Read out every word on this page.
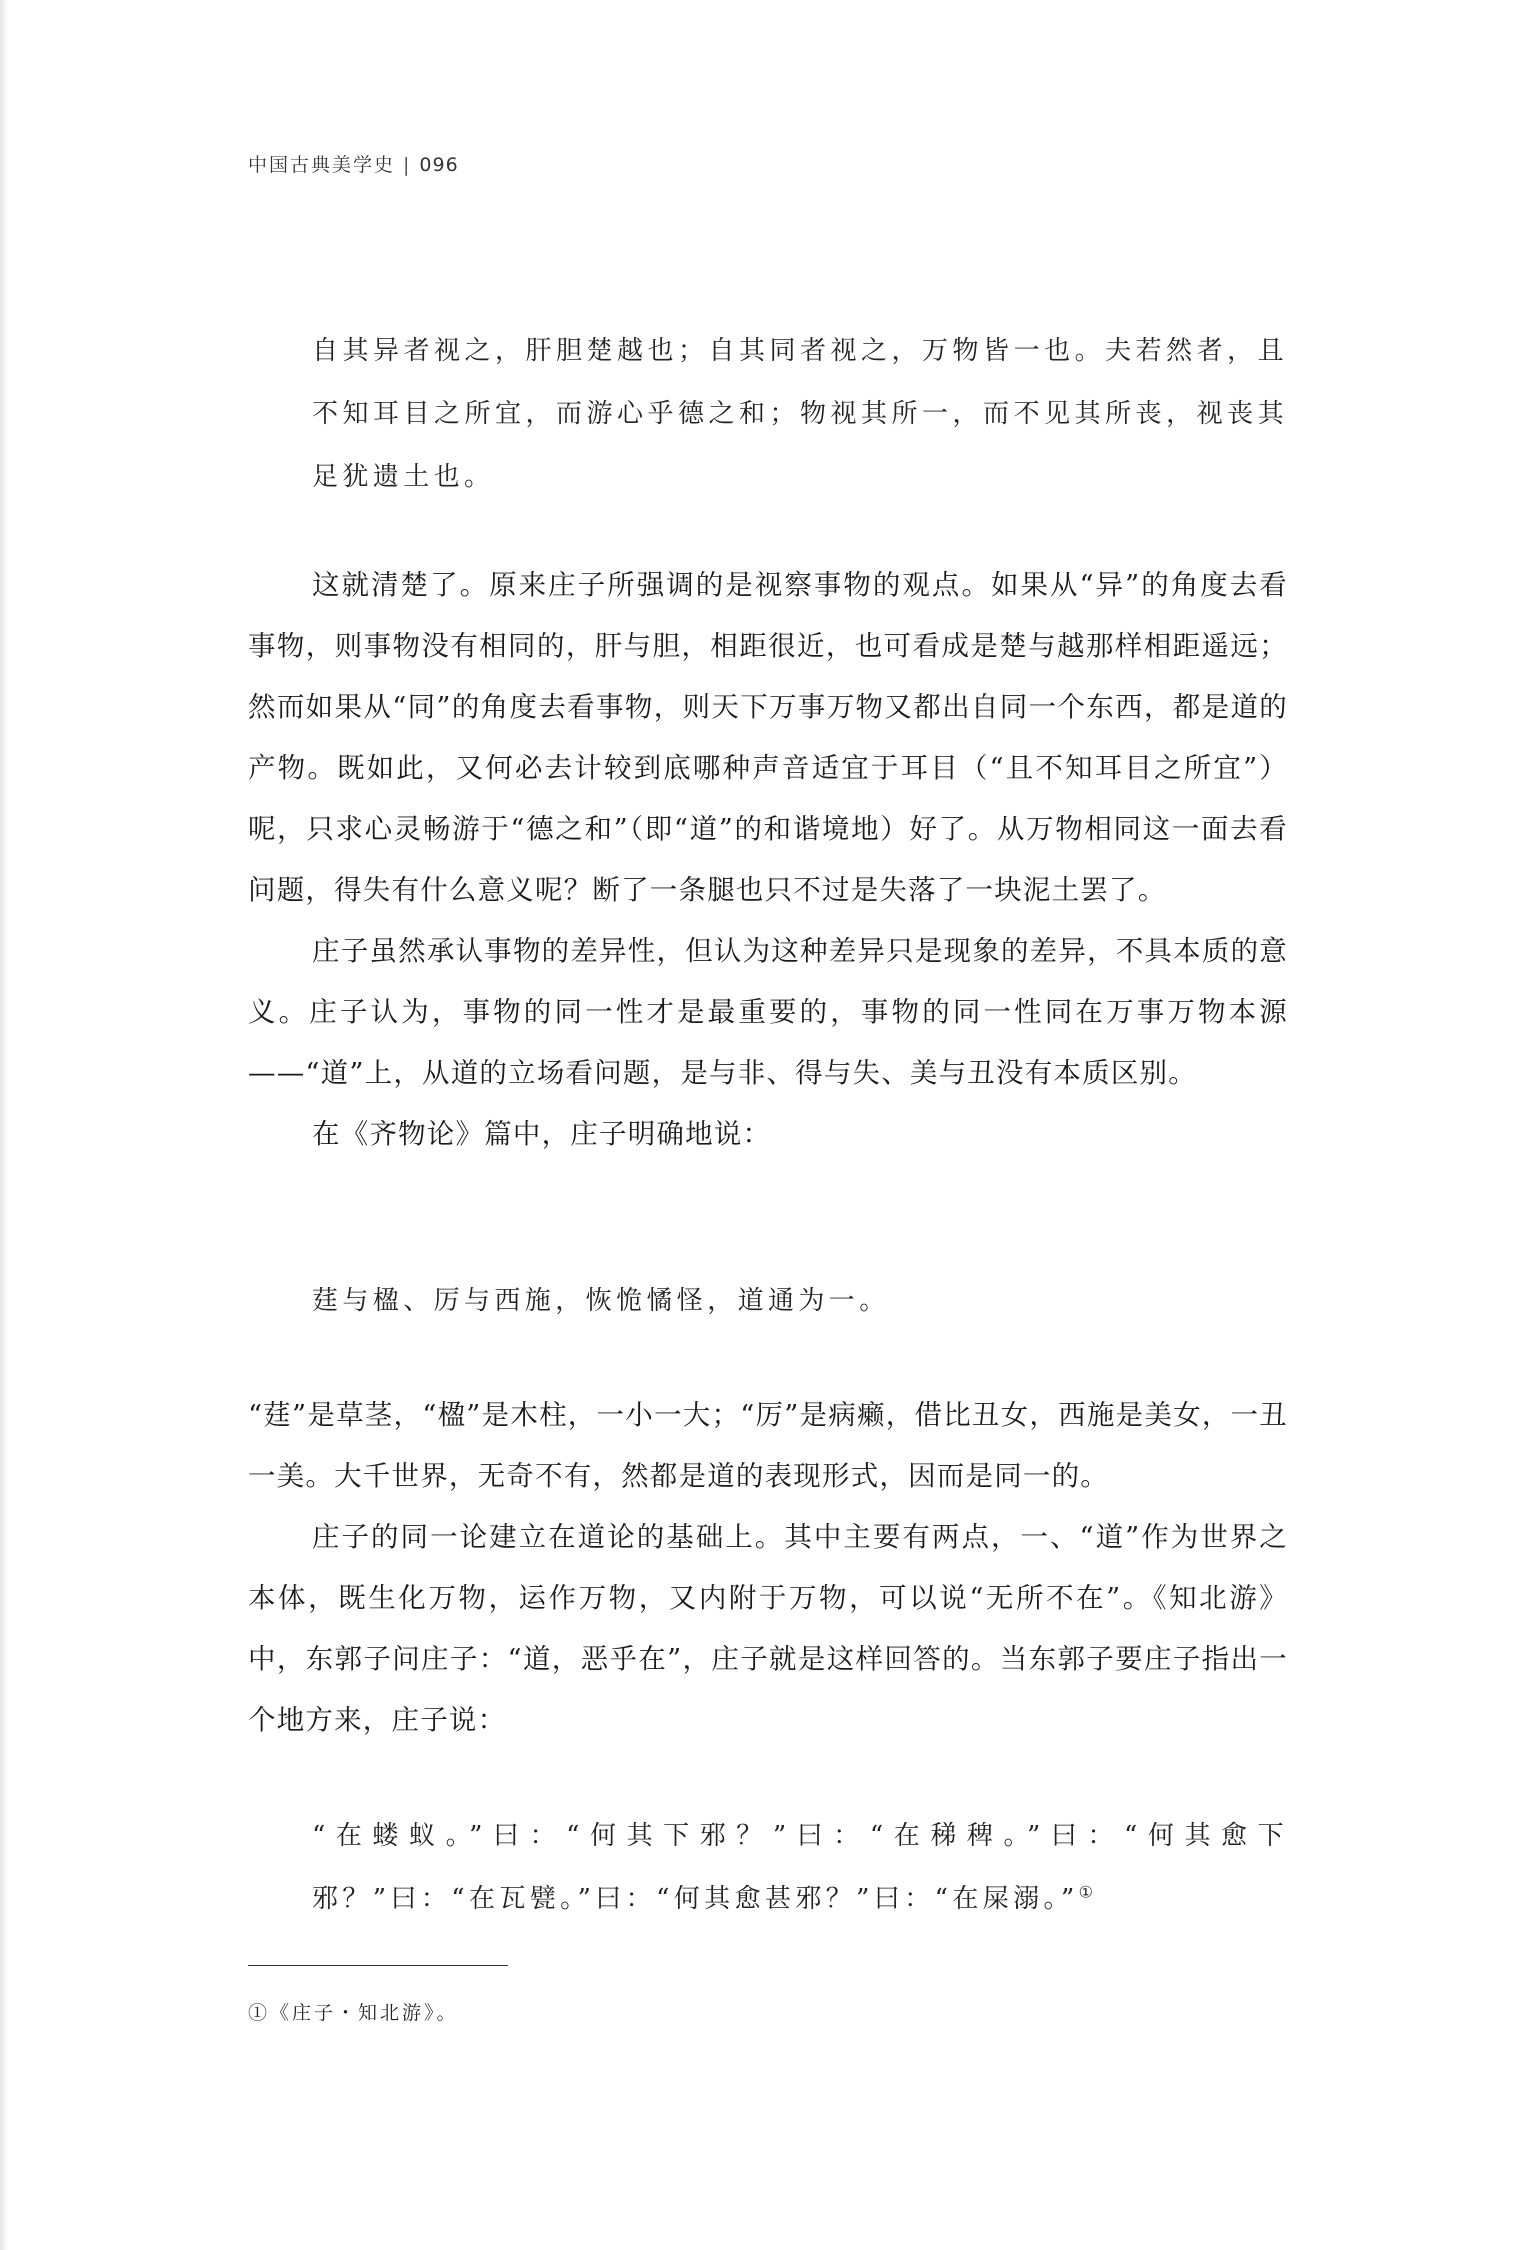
中国古典美学史 | 096
自其异者视之，肝胆楚越也；自其同者视之，万物皆一也。夫若然者，且不知耳目之所宜，而游心乎德之和；物视其所一，而不见其所丧，视丧其足犹遗土也。

这就清楚了。原来庄子所强调的是视察事物的观点。如果从“异”的角度去看事物，则事物没有相同的，肝与胆，相距很近，也可看成是楚与越那样相距遥远；然而如果从“同”的角度去看事物，则天下万事万物又都出自同一个东西，都是道的产物。既如此，又何必去计较到底哪种声音适宜于耳目（“且不知耳目之所宜”）呢，只求心灵畅游于“德之和”（即“道”的和谐境地）好了。从万物相同这一面去看问题，得失有什么意义呢？断了一条腿也只不过是失落了一块泥土罢了。

庄子虽然承认事物的差异性，但认为这种差异只是现象的差异，不具本质的意义。庄子认为，事物的同一性才是最重要的，事物的同一性同在万事万物本源——“道”上，从道的立场看问题，是与非、得与失、美与丑没有本质区别。

在《齐物论》篇中，庄子明确地说：

莛与楹、厉与西施，恢恑憰怪，道通为一。

“莛”是草茎，“楹”是木柱，一小一大；“厉”是病癞，借比丑女，西施是美女，一丑一美。大千世界，无奇不有，然都是道的表现形式，因而是同一的。

庄子的同一论建立在道论的基础上。其中主要有两点，一、“道”作为世界之本体，既生化万物，运作万物，又内附于万物，可以说“无所不在”。《知北游》中，东郭子问庄子：“道，恶乎在”，庄子就是这样回答的。当东郭子要庄子指出一个地方来，庄子说：

“在蝼蚁。”曰：“何其下邪？”曰：“在稊稗。”曰：“何其愈下邪？”曰：“在瓦甓。”曰：“何其愈甚邪？”曰：“在屎溺。”①
①《庄子・知北游》。
